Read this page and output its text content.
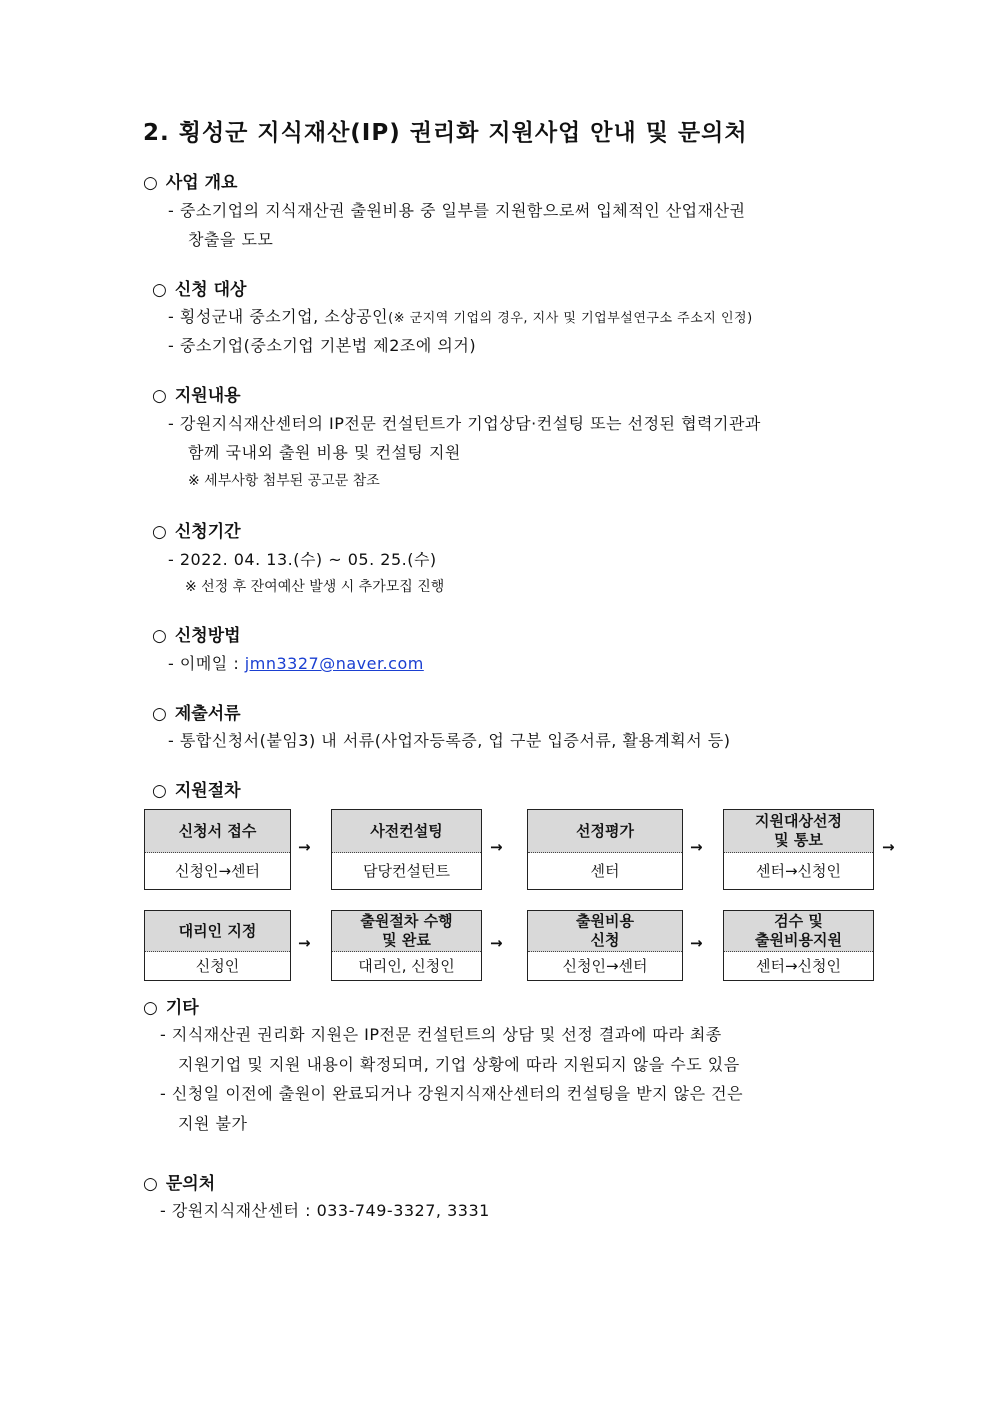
2. 횡성군 지식재산(IP) 권리화 지원사업 안내 및 문의처
○ 사업 개요
- 중소기업의 지식재산권 출원비용 중 일부를 지원함으로써 입체적인 산업재산권
창출을 도모
○ 신청 대상
- 횡성군내 중소기업, 소상공인(※ 군지역 기업의 경우, 지사 및 기업부설연구소 주소지 인정)
- 중소기업(중소기업 기본법 제2조에 의거)
○ 지원내용
- 강원지식재산센터의 IP전문 컨설턴트가 기업상담·컨설팅 또는 선정된 협력기관과
함께 국내외 출원 비용 및 컨설팅 지원
※ 세부사항 첨부된 공고문 참조
○ 신청기간
- 2022. 04. 13.(수) ~ 05. 25.(수)
※ 선정 후 잔여예산 발생 시 추가모집 진행
○ 신청방법
- 이메일 : jmn3327@naver.com
○ 제출서류
- 통합신청서(붙임3) 내 서류(사업자등록증, 업 구분 입증서류, 활용계획서 등)
○ 지원절차
신청서 접수
신청인→센터
→
사전컨설팅
담당컨설턴트
→
선정평가
센터
→
지원대상선정
및 통보
센터→신청인
→
대리인 지정
신청인
→
출원절차 수행
및 완료
대리인, 신청인
→
출원비용
신청
신청인→센터
→
검수 및
출원비용지원
센터→신청인
○ 기타
- 지식재산권 권리화 지원은 IP전문 컨설턴트의 상담 및 선정 결과에 따라 최종
지원기업 및 지원 내용이 확정되며, 기업 상황에 따라 지원되지 않을 수도 있음
- 신청일 이전에 출원이 완료되거나 강원지식재산센터의 컨설팅을 받지 않은 건은
지원 불가
○ 문의처
- 강원지식재산센터 : 033-749-3327, 3331
